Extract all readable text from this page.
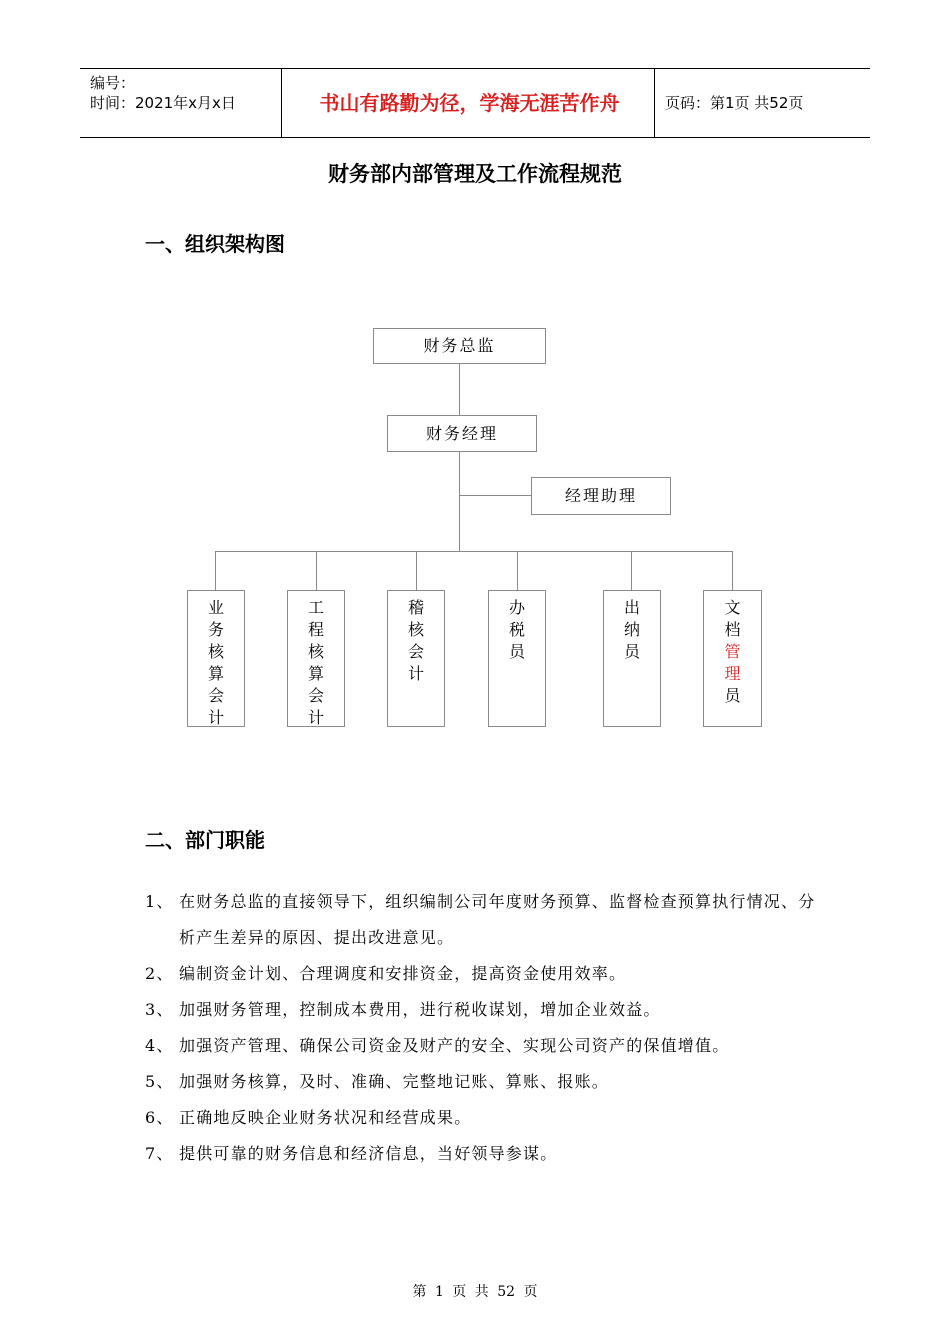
编号：
时间：2021年x月x日	书山有路勤为径，学海无涯苦作舟	页码：第1页 共52页
财务部内部管理及工作流程规范
一、组织架构图
财务总监
财务经理
经理助理
业
务
核
算
会
计
工
程
核
算
会
计
稽
核
会
计
办
税
员
出
纳
员
文
档
管
理
员
二、部门职能
1、 在财务总监的直接领导下，组织编制公司年度财务预算、监督检查预算执行情况、分析产生差异的原因、提出改进意见。
2、 编制资金计划、合理调度和安排资金，提高资金使用效率。
3、 加强财务管理，控制成本费用，进行税收谋划，增加企业效益。
4、 加强资产管理、确保公司资金及财产的安全、实现公司资产的保值增值。
5、 加强财务核算，及时、准确、完整地记账、算账、报账。
6、 正确地反映企业财务状况和经营成果。
7、 提供可靠的财务信息和经济信息，当好领导参谋。
第 1 页 共 52 页
